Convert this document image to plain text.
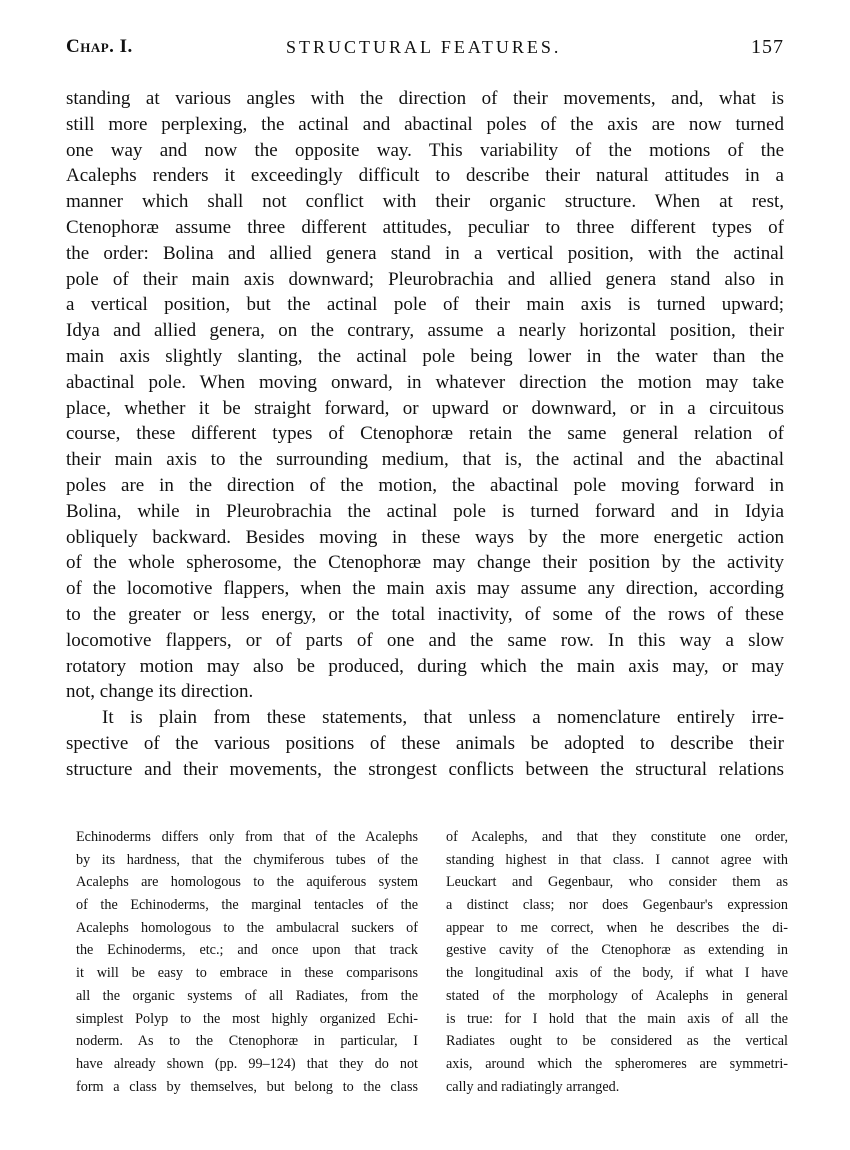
Chap. I.	STRUCTURAL FEATURES.	157
standing at various angles with the direction of their movements, and, what is
still more perplexing, the actinal and abactinal poles of the axis are now turned
one way and now the opposite way. This variability of the motions of the
Acalephs renders it exceedingly difficult to describe their natural attitudes in a
manner which shall not conflict with their organic structure. When at rest,
Ctenophoræ assume three different attitudes, peculiar to three different types of
the order: Bolina and allied genera stand in a vertical position, with the actinal
pole of their main axis downward; Pleurobrachia and allied genera stand also in
a vertical position, but the actinal pole of their main axis is turned upward;
Idya and allied genera, on the contrary, assume a nearly horizontal position, their
main axis slightly slanting, the actinal pole being lower in the water than the
abactinal pole. When moving onward, in whatever direction the motion may take
place, whether it be straight forward, or upward or downward, or in a circuitous
course, these different types of Ctenophoræ retain the same general relation of
their main axis to the surrounding medium, that is, the actinal and the abactinal
poles are in the direction of the motion, the abactinal pole moving forward in
Bolina, while in Pleurobrachia the actinal pole is turned forward and in Idyia
obliquely backward. Besides moving in these ways by the more energetic action
of the whole spherosome, the Ctenophoræ may change their position by the activity
of the locomotive flappers, when the main axis may assume any direction, according
to the greater or less energy, or the total inactivity, of some of the rows of these
locomotive flappers, or of parts of one and the same row. In this way a slow
rotatory motion may also be produced, during which the main axis may, or may
not, change its direction.
It is plain from these statements, that unless a nomenclature entirely irre-
spective of the various positions of these animals be adopted to describe their
structure and their movements, the strongest conflicts between the structural relations
Echinoderms differs only from that of the Acalephs
by its hardness, that the chymiferous tubes of the
Acalephs are homologous to the aquiferous system
of the Echinoderms, the marginal tentacles of the
Acalephs homologous to the ambulacral suckers of
the Echinoderms, etc.; and once upon that track
it will be easy to embrace in these comparisons
all the organic systems of all Radiates, from the
simplest Polyp to the most highly organized Echi-
noderm. As to the Ctenophoræ in particular, I
have already shown (pp. 99–124) that they do not
form a class by themselves, but belong to the class
of Acalephs, and that they constitute one order,
standing highest in that class. I cannot agree with
Leuckart and Gegenbaur, who consider them as
a distinct class; nor does Gegenbaur's expression
appear to me correct, when he describes the di-
gestive cavity of the Ctenophoræ as extending in
the longitudinal axis of the body, if what I have
stated of the morphology of Acalephs in general
is true: for I hold that the main axis of all the
Radiates ought to be considered as the vertical
axis, around which the spheromeres are symmetri-
cally and radiatingly arranged.
